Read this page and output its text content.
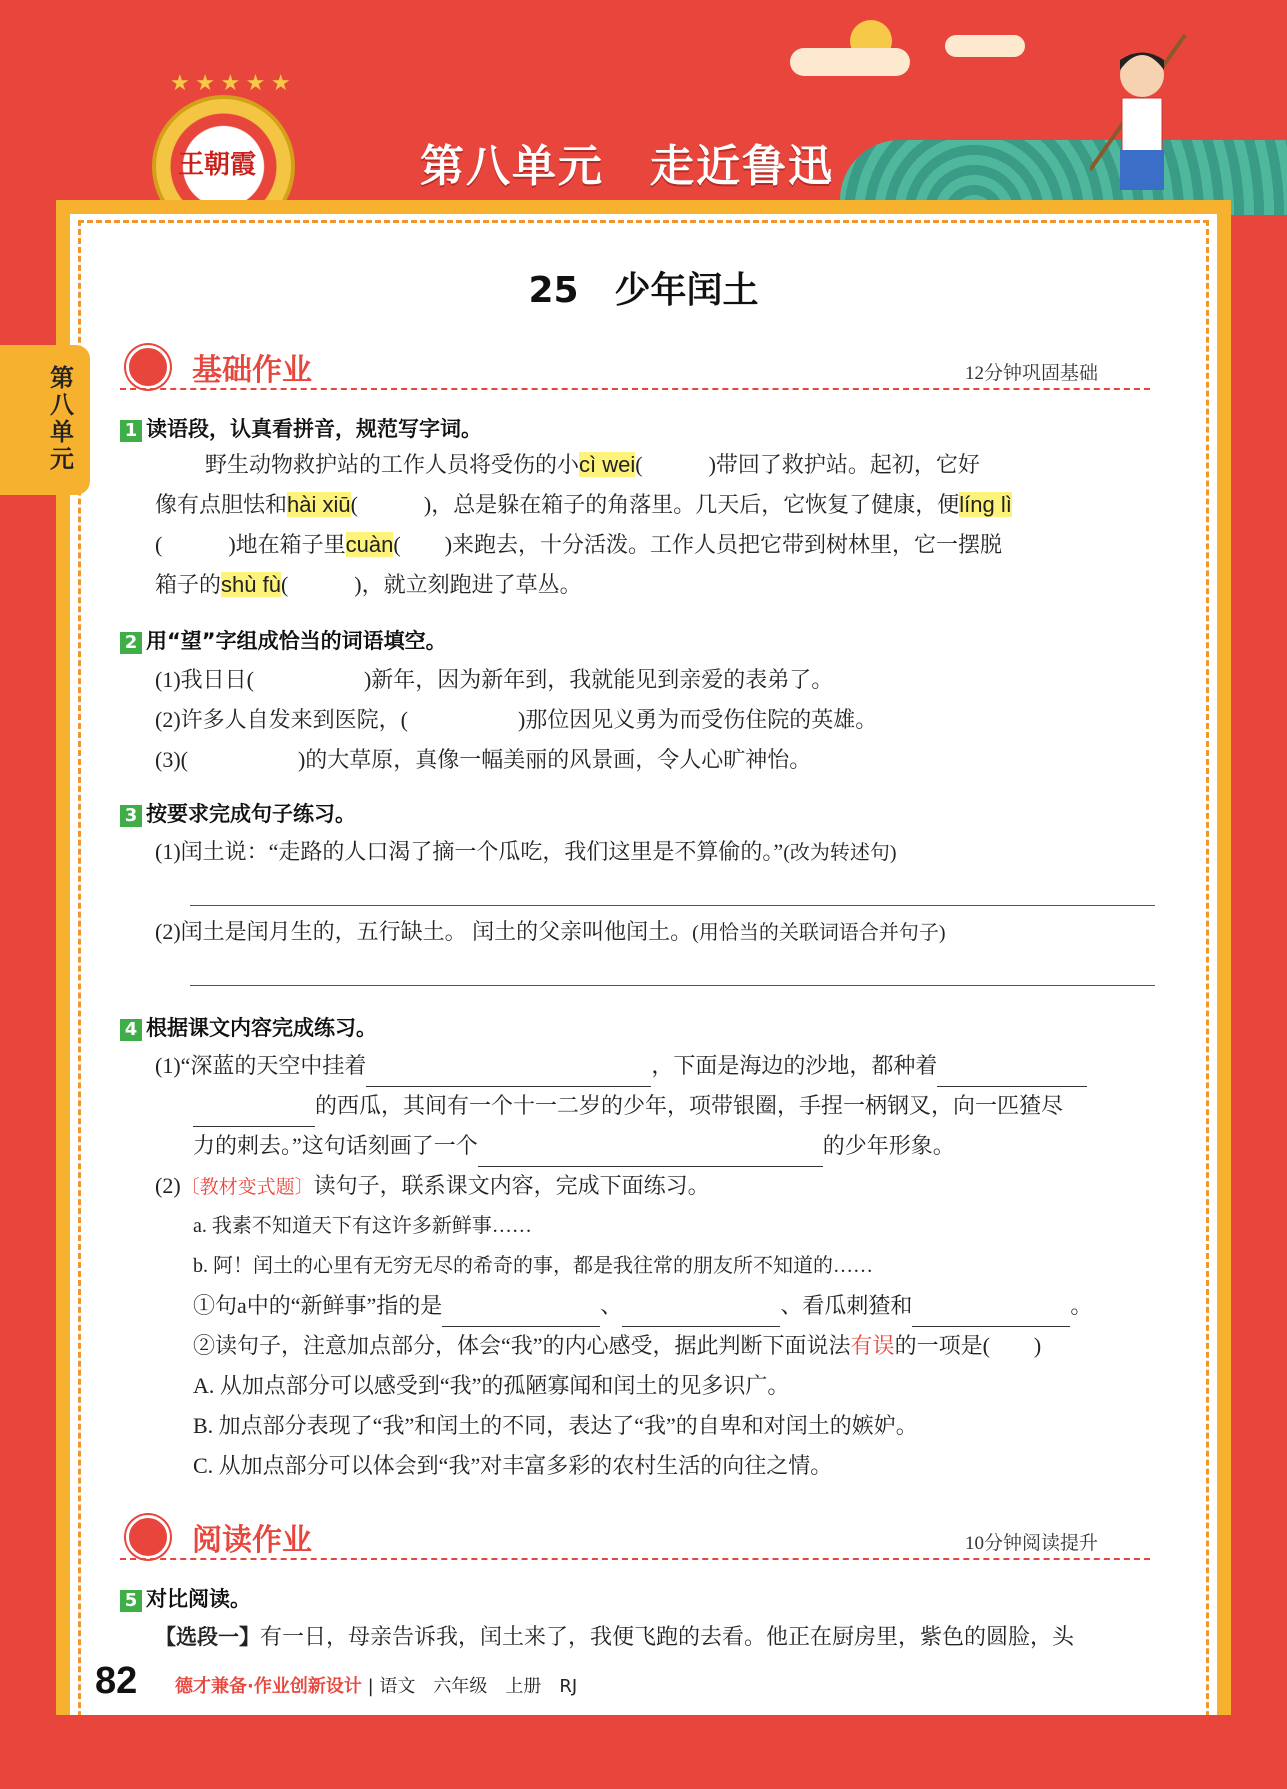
王朝霞
★ ★ ★ ★ ★
第八单元　走近鲁迅
第八单元
25　少年闰土
基础作业	12分钟巩固基础
1 读语段，认真看拼音，规范写字词。
野生动物救护站的工作人员将受伤的小cì wei(　　　)带回了救护站。起初，它好
像有点胆怯和hài xiū(　　　)，总是躲在箱子的角落里。几天后，它恢复了健康，便líng lì
(　　　)地在箱子里cuàn(　　)来跑去，十分活泼。工作人员把它带到树林里，它一摆脱
箱子的shù fù(　　　)，就立刻跑进了草丛。
2 用“望”字组成恰当的词语填空。
(1)我日日(　　　　　)新年，因为新年到，我就能见到亲爱的表弟了。
(2)许多人自发来到医院，(　　　　　)那位因见义勇为而受伤住院的英雄。
(3)(　　　　　)的大草原，真像一幅美丽的风景画，令人心旷神怡。
3 按要求完成句子练习。
(1)闰土说：“走路的人口渴了摘一个瓜吃，我们这里是不算偷的。”(改为转述句)
(2)闰土是闰月生的，五行缺土。 闰土的父亲叫他闰土。(用恰当的关联词语合并句子)
4 根据课文内容完成练习。
(1)“深蓝的天空中挂着	，下面是海边的沙地，都种着
的西瓜，其间有一个十一二岁的少年，项带银圈，手捏一柄钢叉，向一匹猹尽
力的刺去。”这句话刻画了一个	的少年形象。
(2)〔教材变式题〕读句子，联系课文内容，完成下面练习。
a. 我素不知道天下有这许多新鲜事……
b. 阿！闰土的心里有无穷无尽的希奇的事，都是我往常的朋友所不知道的……
①句a中的“新鲜事”指的是	、	、看瓜刺猹和	。
②读句子，注意加点部分，体会“我”的内心感受，据此判断下面说法有误的一项是(　　)
A. 从加点部分可以感受到“我”的孤陋寡闻和闰土的见多识广。
B. 加点部分表现了“我”和闰土的不同，表达了“我”的自卑和对闰土的嫉妒。
C. 从加点部分可以体会到“我”对丰富多彩的农村生活的向往之情。
阅读作业	10分钟阅读提升
5 对比阅读。
【选段一】有一日，母亲告诉我，闰土来了，我便飞跑的去看。他正在厨房里，紫色的圆脸，头
82 德才兼备·作业创新设计 | 语文　六年级　上册　RJ
